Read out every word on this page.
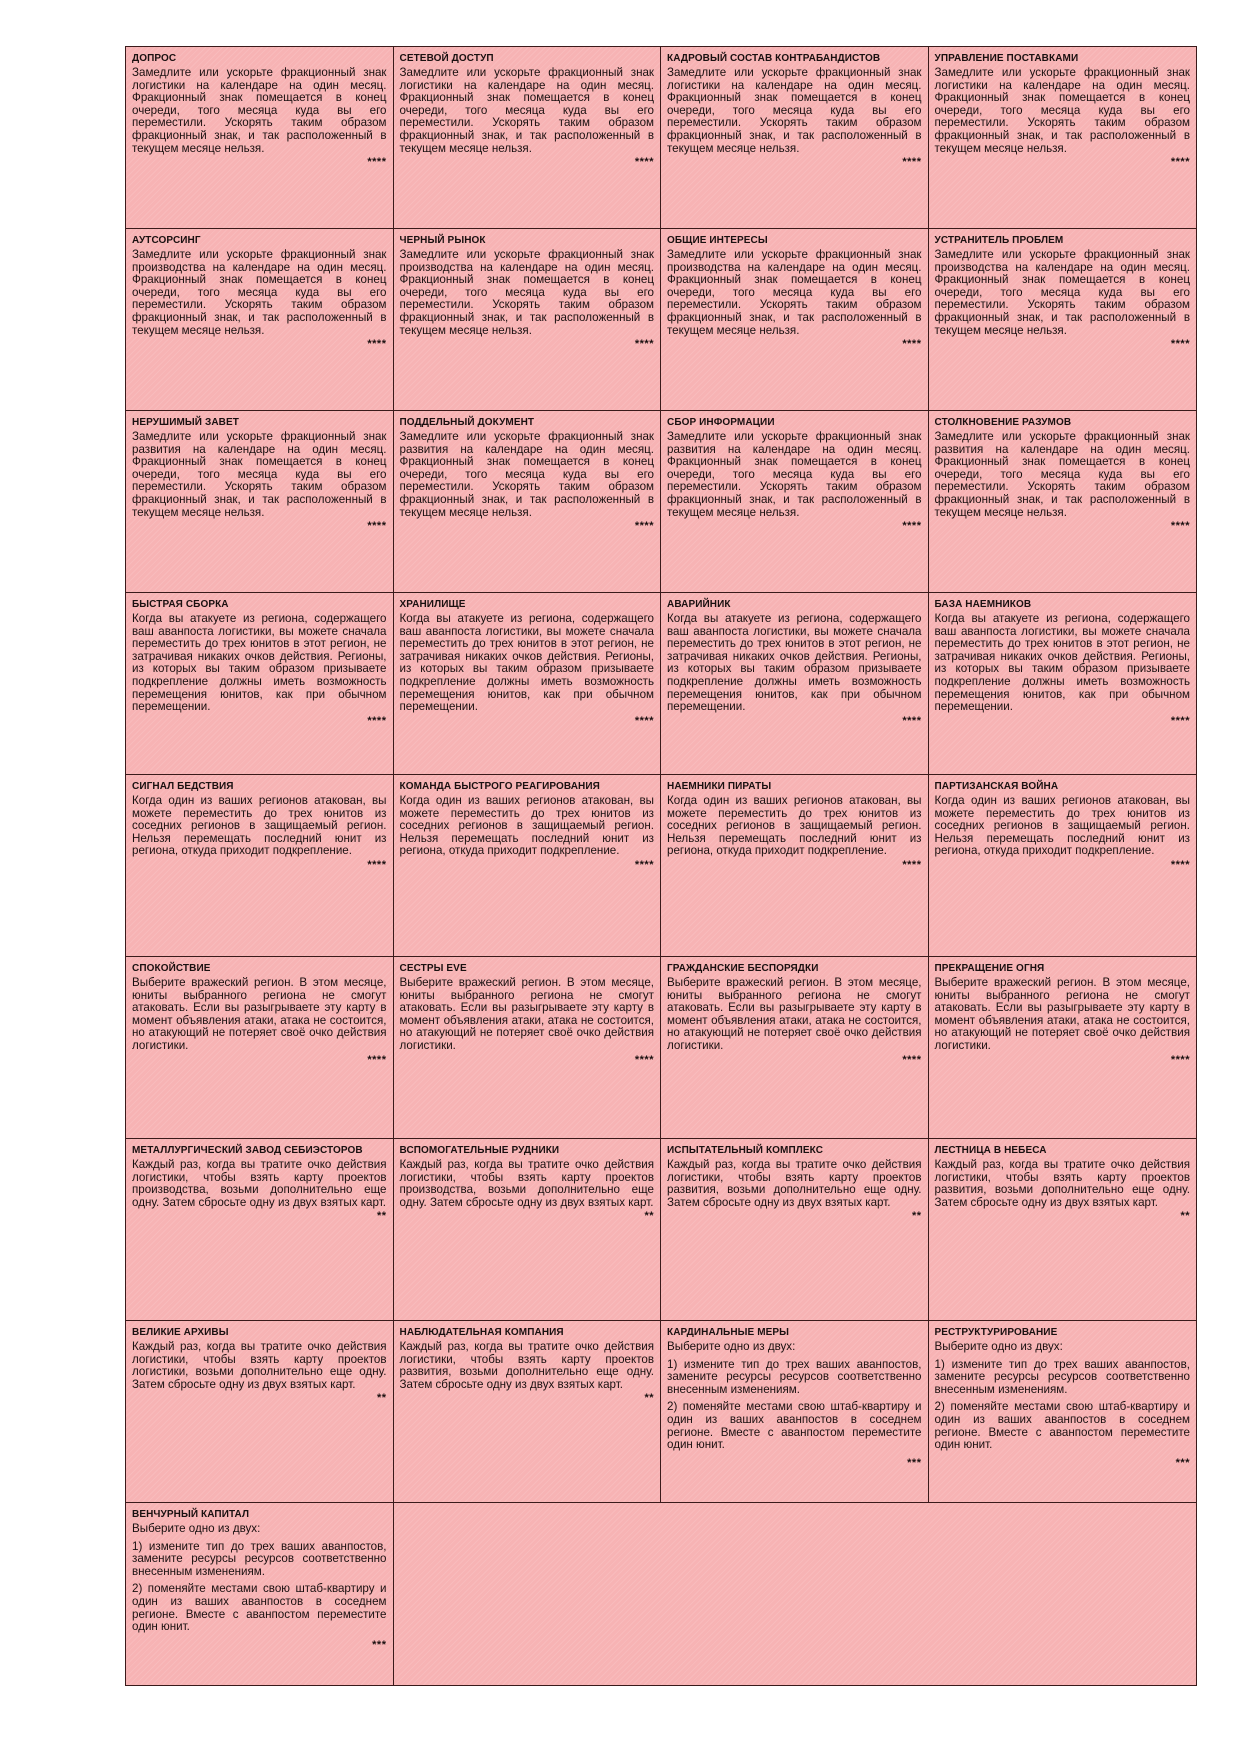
ДОПРОС

Замедлите или ускорьте фракционный знак логистики на календаре на один месяц. Фракционный знак помещается в конец очереди, того месяца куда вы его переместили. Ускорять таким образом фракционный знак, и так расположенный в текущем месяце нельзя.

****
СЕТЕВОЙ ДОСТУП

Замедлите или ускорьте фракционный знак логистики на календаре на один месяц. Фракционный знак помещается в конец очереди, того месяца куда вы его переместили. Ускорять таким образом фракционный знак, и так расположенный в текущем месяце нельзя.

****
КАДРОВЫЙ СОСТАВ КОНТРАБАНДИСТОВ

Замедлите или ускорьте фракционный знак логистики на календаре на один месяц. Фракционный знак помещается в конец очереди, того месяца куда вы его переместили. Ускорять таким образом фракционный знак, и так расположенный в текущем месяце нельзя.

****
УПРАВЛЕНИЕ ПОСТАВКАМИ

Замедлите или ускорьте фракционный знак логистики на календаре на один месяц. Фракционный знак помещается в конец очереди, того месяца куда вы его переместили. Ускорять таким образом фракционный знак, и так расположенный в текущем месяце нельзя.

****
АУТСОРСИНГ

Замедлите или ускорьте фракционный знак производства на календаре на один месяц. Фракционный знак помещается в конец очереди, того месяца куда вы его переместили. Ускорять таким образом фракционный знак, и так расположенный в текущем месяце нельзя.

****
ЧЕРНЫЙ РЫНОК

Замедлите или ускорьте фракционный знак производства на календаре на один месяц. Фракционный знак помещается в конец очереди, того месяца куда вы его переместили. Ускорять таким образом фракционный знак, и так расположенный в текущем месяце нельзя.

****
ОБЩИЕ ИНТЕРЕСЫ

Замедлите или ускорьте фракционный знак производства на календаре на один месяц. Фракционный знак помещается в конец очереди, того месяца куда вы его переместили. Ускорять таким образом фракционный знак, и так расположенный в текущем месяце нельзя.

****
УСТРАНИТЕЛЬ ПРОБЛЕМ

Замедлите или ускорьте фракционный знак производства на календаре на один месяц. Фракционный знак помещается в конец очереди, того месяца куда вы его переместили. Ускорять таким образом фракционный знак, и так расположенный в текущем месяце нельзя.

****
НЕРУШИМЫЙ ЗАВЕТ

Замедлите или ускорьте фракционный знак развития на календаре на один месяц. Фракционный знак помещается в конец очереди, того месяца куда вы его переместили. Ускорять таким образом фракционный знак, и так расположенный в текущем месяце нельзя.

****
ПОДДЕЛЬНЫЙ ДОКУМЕНТ

Замедлите или ускорьте фракционный знак развития на календаре на один месяц. Фракционный знак помещается в конец очереди, того месяца куда вы его переместили. Ускорять таким образом фракционный знак, и так расположенный в текущем месяце нельзя.

****
СБОР ИНФОРМАЦИИ

Замедлите или ускорьте фракционный знак развития на календаре на один месяц. Фракционный знак помещается в конец очереди, того месяца куда вы его переместили. Ускорять таким образом фракционный знак, и так расположенный в текущем месяце нельзя.

****
СТОЛКНОВЕНИЕ РАЗУМОВ

Замедлите или ускорьте фракционный знак развития на календаре на один месяц. Фракционный знак помещается в конец очереди, того месяца куда вы его переместили. Ускорять таким образом фракционный знак, и так расположенный в текущем месяце нельзя.

****
БЫСТРАЯ СБОРКА

Когда вы атакуете из региона, содержащего ваш аванпоста логистики, вы можете сначала переместить до трех юнитов в этот регион, не затрачивая никаких очков действия. Регионы, из которых вы таким образом призываете подкрепление должны иметь возможность перемещения юнитов, как при обычном перемещении.

****
ХРАНИЛИЩЕ

Когда вы атакуете из региона, содержащего ваш аванпоста логистики, вы можете сначала переместить до трех юнитов в этот регион, не затрачивая никаких очков действия. Регионы, из которых вы таким образом призываете подкрепление должны иметь возможность перемещения юнитов, как при обычном перемещении.

****
АВАРИЙНИК

Когда вы атакуете из региона, содержащего ваш аванпоста логистики, вы можете сначала переместить до трех юнитов в этот регион, не затрачивая никаких очков действия. Регионы, из которых вы таким образом призываете подкрепление должны иметь возможность перемещения юнитов, как при обычном перемещении.

****
БАЗА НАЕМНИКОВ

Когда вы атакуете из региона, содержащего ваш аванпоста логистики, вы можете сначала переместить до трех юнитов в этот регион, не затрачивая никаких очков действия. Регионы, из которых вы таким образом призываете подкрепление должны иметь возможность перемещения юнитов, как при обычном перемещении.

****
СИГНАЛ БЕДСТВИЯ

Когда один из ваших регионов атакован, вы можете переместить до трех юнитов из соседних регионов в защищаемый регион. Нельзя перемещать последний юнит из региона, откуда приходит подкрепление.

****
КОМАНДА БЫСТРОГО РЕАГИРОВАНИЯ

Когда один из ваших регионов атакован, вы можете переместить до трех юнитов из соседних регионов в защищаемый регион. Нельзя перемещать последний юнит из региона, откуда приходит подкрепление.

****
НАЕМНИКИ ПИРАТЫ

Когда один из ваших регионов атакован, вы можете переместить до трех юнитов из соседних регионов в защищаемый регион. Нельзя перемещать последний юнит из региона, откуда приходит подкрепление.

****
ПАРТИЗАНСКАЯ ВОЙНА

Когда один из ваших регионов атакован, вы можете переместить до трех юнитов из соседних регионов в защищаемый регион. Нельзя перемещать последний юнит из региона, откуда приходит подкрепление.

****
СПОКОЙСТВИЕ

Выберите вражеский регион. В этом месяце, юниты выбранного региона не смогут атаковать. Если вы разыгрываете эту карту в момент объявления атаки, атака не состоится, но атакующий не потеряет своё очко действия логистики.

****
СЕСТРЫ EVE

Выберите вражеский регион. В этом месяце, юниты выбранного региона не смогут атаковать. Если вы разыгрываете эту карту в момент объявления атаки, атака не состоится, но атакующий не потеряет своё очко действия логистики.

****
ГРАЖДАНСКИЕ БЕСПОРЯДКИ

Выберите вражеский регион. В этом месяце, юниты выбранного региона не смогут атаковать. Если вы разыгрываете эту карту в момент объявления атаки, атака не состоится, но атакующий не потеряет своё очко действия логистики.

****
ПРЕКРАЩЕНИЕ ОГНЯ

Выберите вражеский регион. В этом месяце, юниты выбранного региона не смогут атаковать. Если вы разыгрываете эту карту в момент объявления атаки, атака не состоится, но атакующий не потеряет своё очко действия логистики.

****
МЕТАЛЛУРГИЧЕСКИЙ ЗАВОД СЕБИЭСТОРОВ

Каждый раз, когда вы тратите очко действия логистики, чтобы взять карту проектов производства, возьми дополнительно еще одну. Затем сбросьте одну из двух взятых карт.

**
ВСПОМОГАТЕЛЬНЫЕ РУДНИКИ

Каждый раз, когда вы тратите очко действия логистики, чтобы взять карту проектов производства, возьми дополнительно еще одну. Затем сбросьте одну из двух взятых карт.

**
ИСПЫТАТЕЛЬНЫЙ КОМПЛЕКС

Каждый раз, когда вы тратите очко действия логистики, чтобы взять карту проектов развития, возьми дополнительно еще одну. Затем сбросьте одну из двух взятых карт.

**
ЛЕСТНИЦА В НЕБЕСА

Каждый раз, когда вы тратите очко действия логистики, чтобы взять карту проектов развития, возьми дополнительно еще одну. Затем сбросьте одну из двух взятых карт.

**
ВЕЛИКИЕ АРХИВЫ

Каждый раз, когда вы тратите очко действия логистики, чтобы взять карту проектов логистики, возьми дополнительно еще одну. Затем сбросьте одну из двух взятых карт.

**
НАБЛЮДАТЕЛЬНАЯ КОМПАНИЯ

Каждый раз, когда вы тратите очко действия логистики, чтобы взять карту проектов развития, возьми дополнительно еще одну. Затем сбросьте одну из двух взятых карт.

**
КАРДИНАЛЬНЫЕ МЕРЫ

Выберите одно из двух:

1) измените тип до трех ваших аванпостов, замените ресурсы ресурсов соответственно внесенным изменениям.

2) поменяйте местами свою штаб-квартиру и один из ваших аванпостов в соседнем регионе. Вместе с аванпостом переместите один юнит.

***
РЕСТРУКТУРИРОВАНИЕ

Выберите одно из двух:

1) измените тип до трех ваших аванпостов, замените ресурсы ресурсов соответственно внесенным изменениям.

2) поменяйте местами свою штаб-квартиру и один из ваших аванпостов в соседнем регионе. Вместе с аванпостом переместите один юнит.

***
ВЕНЧУРНЫЙ КАПИТАЛ

Выберите одно из двух:

1) измените тип до трех ваших аванпостов, замените ресурсы ресурсов соответственно внесенным изменениям.

2) поменяйте местами свою штаб-квартиру и один из ваших аванпостов в соседнем регионе. Вместе с аванпостом переместите один юнит.

***
